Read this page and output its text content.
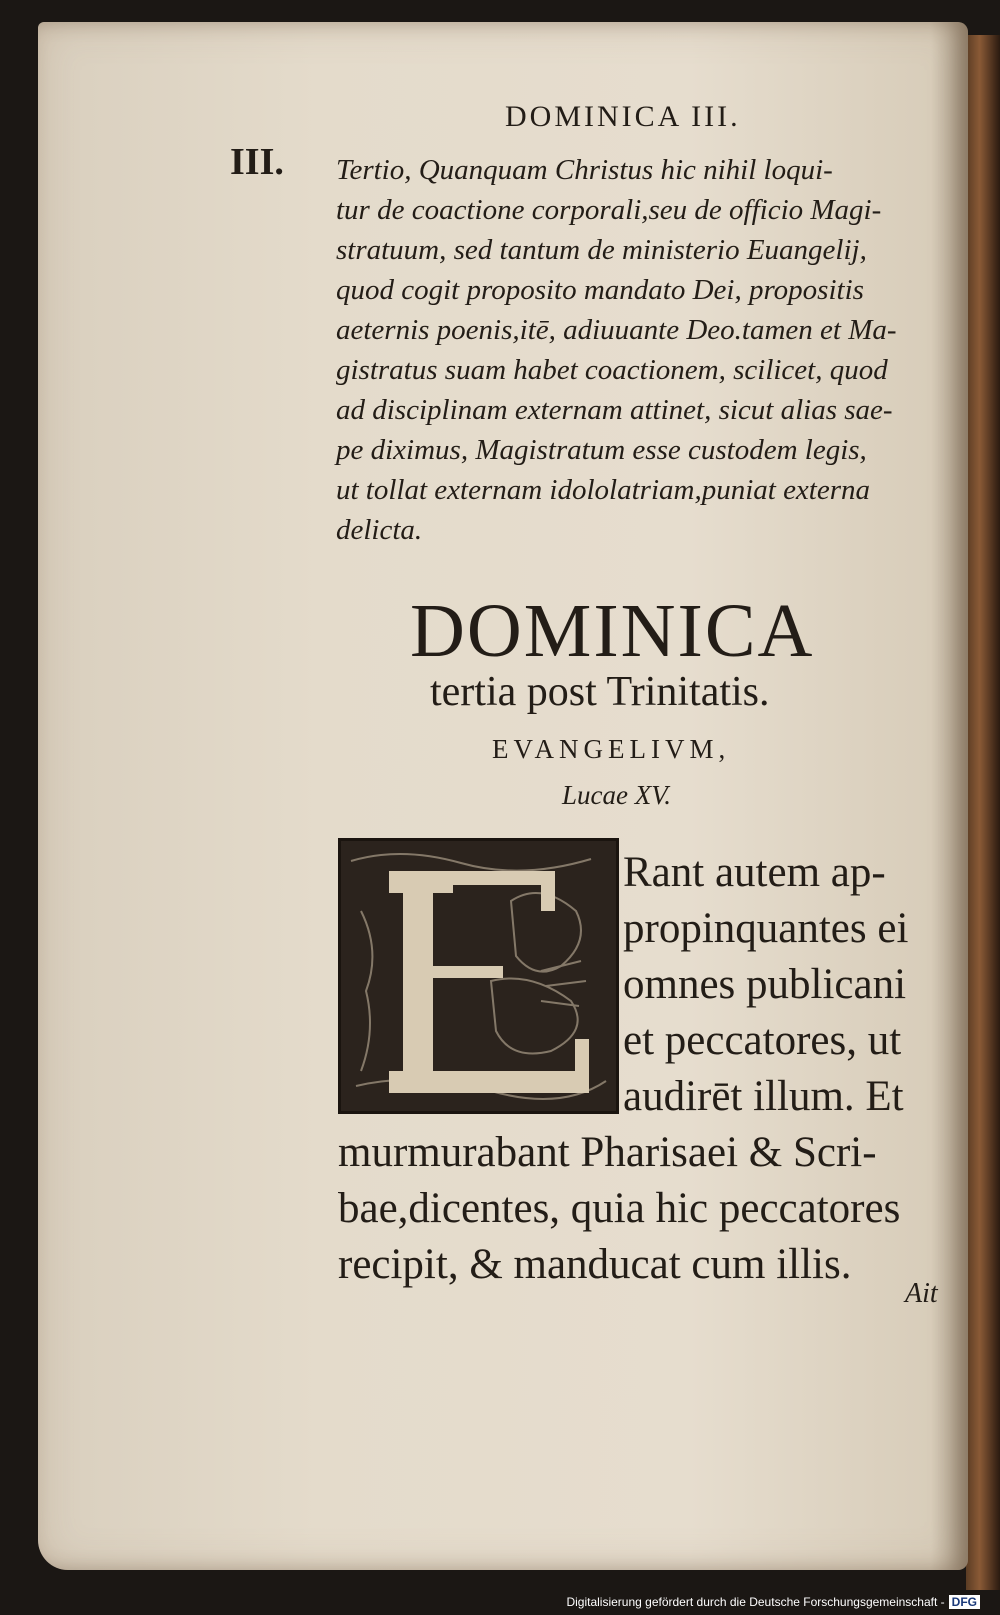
DOMINICA III.
III. Tertio, Quanquam Christus hic nihil loqui-
tur de coactione corporali,seu de officio Magi-
stratuum, sed tantum de ministerio Euangelij,
quod cogit proposito mandato Dei, propositis
aeternis poenis,itē, adiuuante Deo.tamen et Ma-
gistratus suam habet coactionem, scilicet, quod
ad disciplinam externam attinet, sicut alias sae-
pe diximus, Magistratum esse custodem legis,
ut tollat externam idololatriam,puniat externa
delicta.
DOMINICA
tertia post Trinitatis.
EVANGELIVM,
Lucae XV.
Rant autem ap-
propinquantes ei
omnes publicani
et peccatores, ut
audirēt illum. Et
murmurabant Pharisaei & Scri-
bae,dicentes, quia hic peccatores
recipit, & manducat cum illis.
Ait
Digitalisierung gefördert durch die Deutsche Forschungsgemeinschaft - DFG
